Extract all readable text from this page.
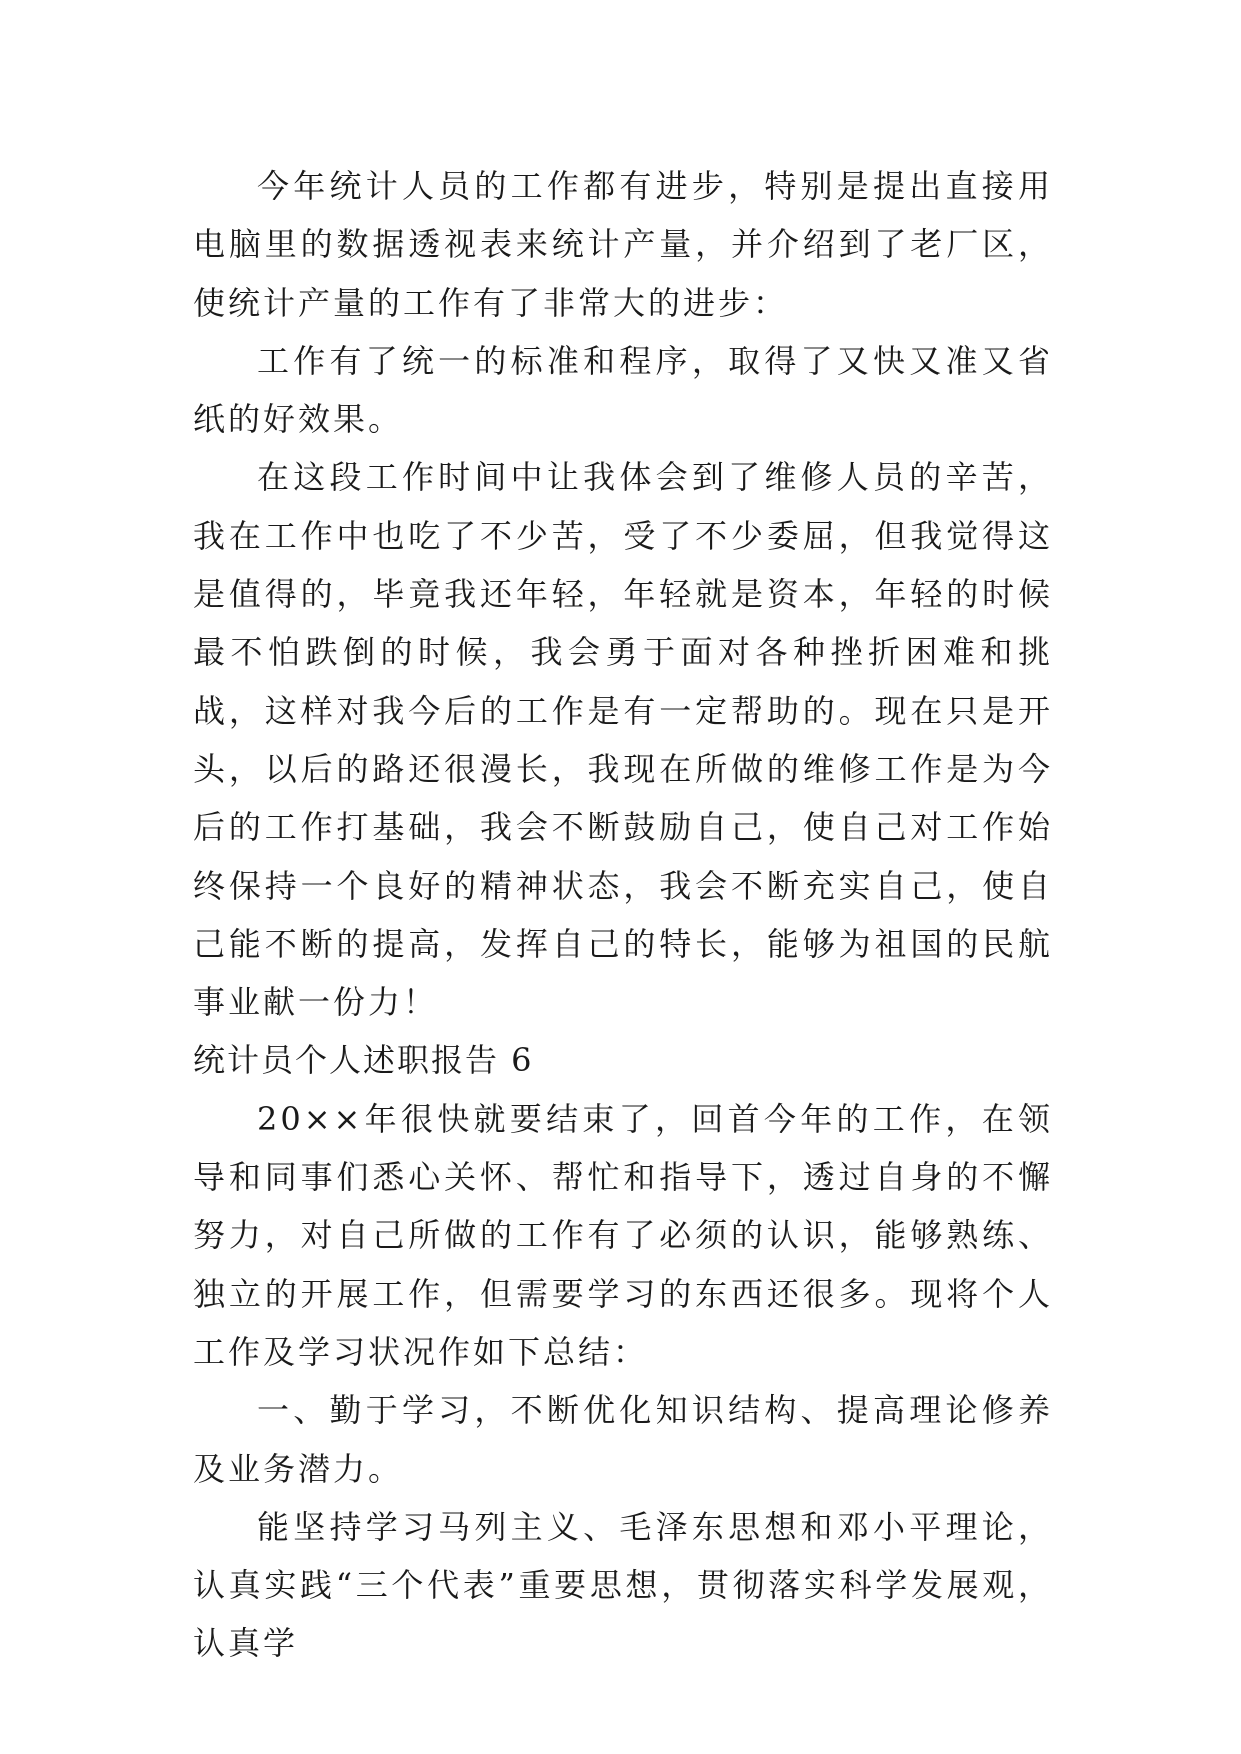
今年统计人员的工作都有进步，特别是提出直接用电脑里的数据透视表来统计产量，并介绍到了老厂区，使统计产量的工作有了非常大的进步：

工作有了统一的标准和程序，取得了又快又准又省纸的好效果。

在这段工作时间中让我体会到了维修人员的辛苦，我在工作中也吃了不少苦，受了不少委屈，但我觉得这是值得的，毕竟我还年轻，年轻就是资本，年轻的时候最不怕跌倒的时候，我会勇于面对各种挫折困难和挑战，这样对我今后的工作是有一定帮助的。现在只是开头，以后的路还很漫长，我现在所做的维修工作是为今后的工作打基础，我会不断鼓励自己，使自己对工作始终保持一个良好的精神状态，我会不断充实自己，使自己能不断的提高，发挥自己的特长，能够为祖国的民航事业献一份力！

统计员个人述职报告 6

20××年很快就要结束了，回首今年的工作，在领导和同事们悉心关怀、帮忙和指导下，透过自身的不懈努力，对自己所做的工作有了必须的认识，能够熟练、独立的开展工作，但需要学习的东西还很多。现将个人工作及学习状况作如下总结：

一、勤于学习，不断优化知识结构、提高理论修养及业务潜力。

能坚持学习马列主义、毛泽东思想和邓小平理论，认真实践“三个代表”重要思想，贯彻落实科学发展观，认真学
